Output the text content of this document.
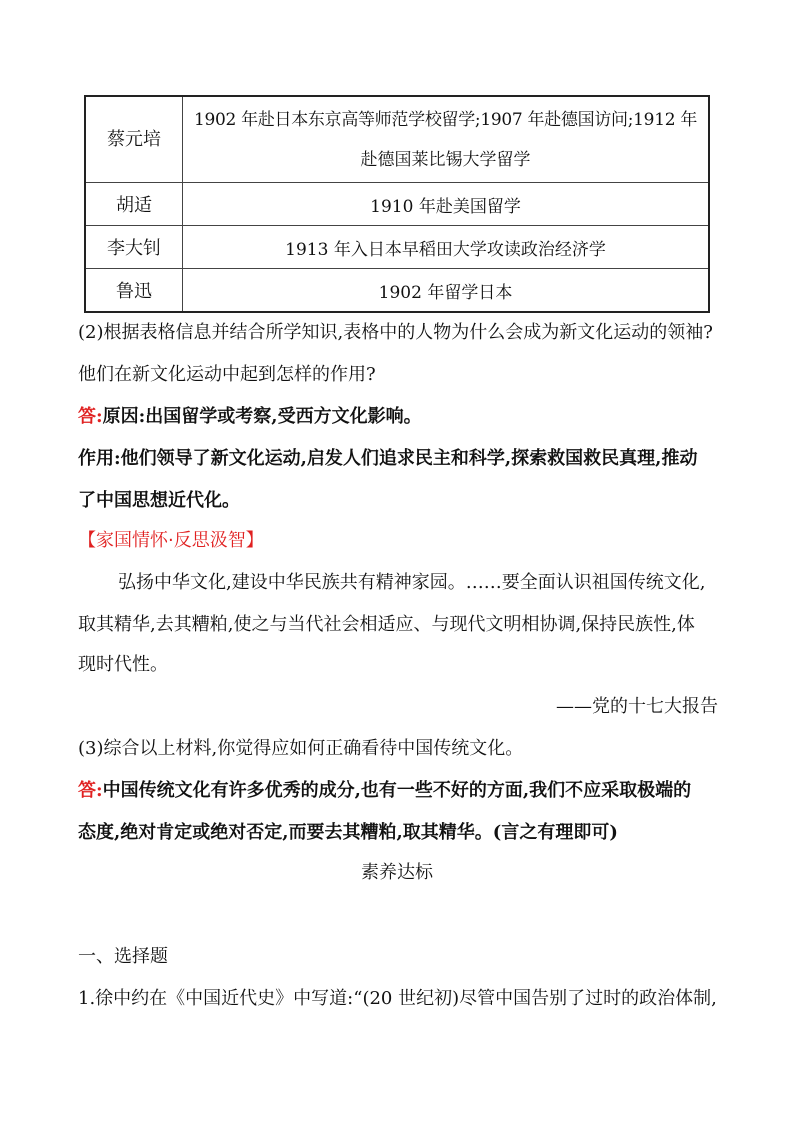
蔡元培	1902 年赴日本东京高等师范学校留学;1907 年赴德国访问;1912 年
赴德国莱比锡大学留学

胡适	1910 年赴美国留学
李大钊	1913 年入日本早稻田大学攻读政治经济学
鲁迅	1902 年留学日本
(2)根据表格信息并结合所学知识,表格中的人物为什么会成为新文化运动的领袖?
他们在新文化运动中起到怎样的作用?
答:原因:出国留学或考察,受西方文化影响。
作用:他们领导了新文化运动,启发人们追求民主和科学,探索救国救民真理,推动
了中国思想近代化。
【家国情怀·反思汲智】
弘扬中华文化,建设中华民族共有精神家园。……要全面认识祖国传统文化,
取其精华,去其糟粕,使之与当代社会相适应、与现代文明相协调,保持民族性,体
现时代性。
——党的十七大报告
(3)综合以上材料,你觉得应如何正确看待中国传统文化。
答:中国传统文化有许多优秀的成分,也有一些不好的方面,我们不应采取极端的
态度,绝对肯定或绝对否定,而要去其糟粕,取其精华。(言之有理即可)
素养达标
一、选择题
1.徐中约在《中国近代史》中写道:“(20 世纪初)尽管中国告别了过时的政治体制,
